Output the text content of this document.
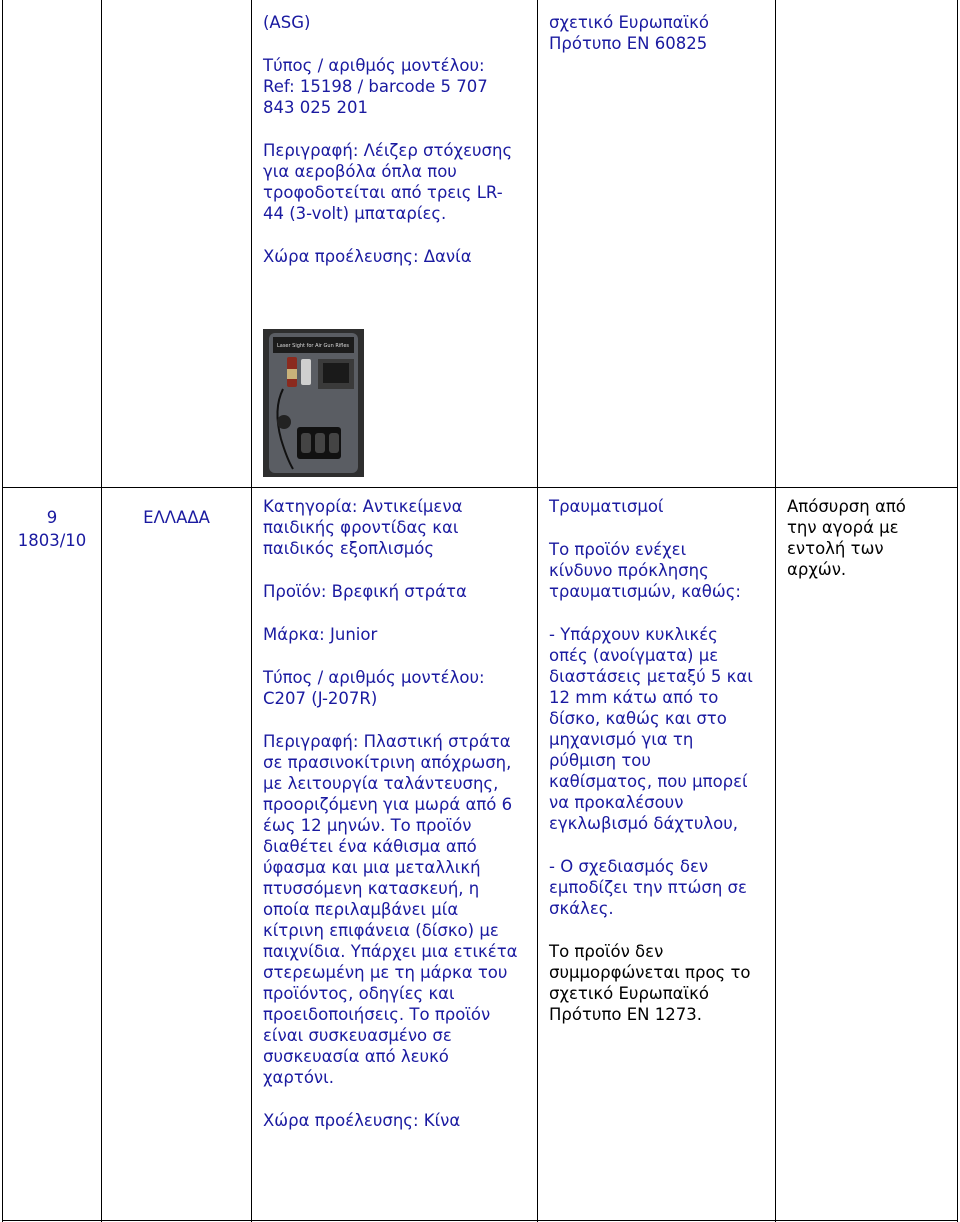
(ASG)

Τύπος / αριθμός μοντέλου:

Ref: 15198 / barcode 5 707

843 025 201

Περιγραφή: Λέιζερ στόχευσης

για αεροβόλα όπλα που

τροφοδοτείται από τρεις LR-

44 (3-volt) μπαταρίες.

Χώρα προέλευσης: Δανία

Laser Sight for Air Gun Rifles

σχετικό Ευρωπαϊκό

Πρότυπο EN 60825

9

1803/10

ΕΛΛΑΔΑ

Κατηγορία: Αντικείμενα

παιδικής φροντίδας και

παιδικός εξοπλισμός

Προϊόν: Βρεφική στράτα

Μάρκα: Junior

Τύπος / αριθμός μοντέλου:

C207 (J-207R)

Περιγραφή: Πλαστική στράτα

σε πρασινοκίτρινη απόχρωση,

με λειτουργία ταλάντευσης,

προοριζόμενη για μωρά από 6

έως 12 μηνών. Το προϊόν

διαθέτει ένα κάθισμα από

ύφασμα και μια μεταλλική

πτυσσόμενη κατασκευή, η

οποία περιλαμβάνει μία

κίτρινη επιφάνεια (δίσκο) με

παιχνίδια. Υπάρχει μια ετικέτα

στερεωμένη με τη μάρκα του

προϊόντος, οδηγίες και

προειδοποιήσεις. Το προϊόν

είναι συσκευασμένο σε

συσκευασία από λευκό

χαρτόνι.

Χώρα προέλευσης: Κίνα

Τραυματισμοί

Το προϊόν ενέχει

κίνδυνο πρόκλησης

τραυματισμών, καθώς:

- Υπάρχουν κυκλικές

οπές (ανοίγματα) με

διαστάσεις μεταξύ 5 και

12 mm κάτω από το

δίσκο, καθώς και στο

μηχανισμό για τη

ρύθμιση του

καθίσματος, που μπορεί

να προκαλέσουν

εγκλωβισμό δάχτυλου,

- Ο σχεδιασμός δεν

εμποδίζει την πτώση σε

σκάλες.

Το προϊόν δεν

συμμορφώνεται προς το

σχετικό Ευρωπαϊκό

Πρότυπο EN 1273.

Απόσυρση από

την αγορά με

εντολή των

αρχών.
